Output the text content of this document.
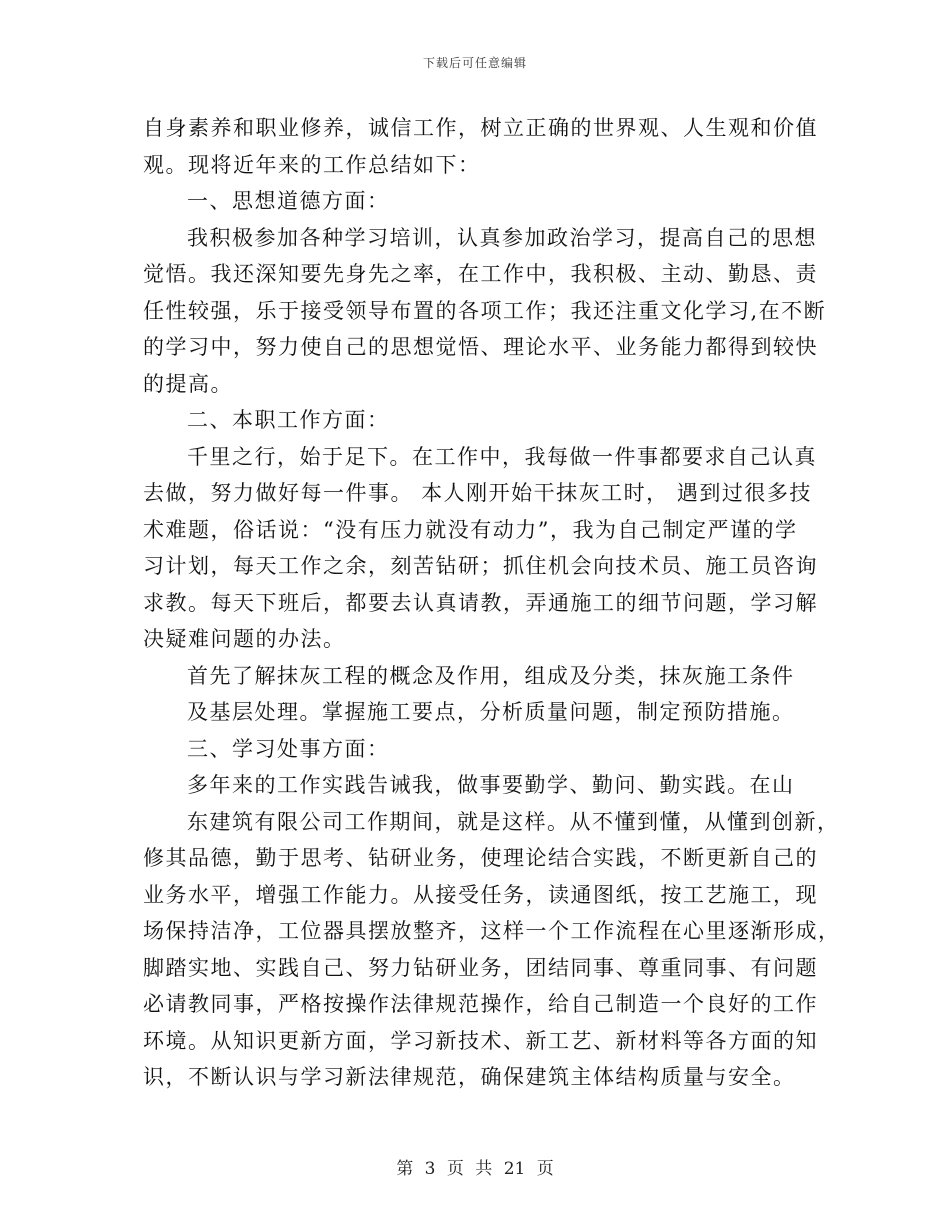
下载后可任意编辑
自身素养和职业修养，诚信工作，树立正确的世界观、人生观和价值
观。现将近年来的工作总结如下：
一、思想道德方面：
我积极参加各种学习培训，认真参加政治学习，提高自己的思想
觉悟。我还深知要先身先之率，在工作中，我积极、主动、勤恳、责
任性较强，乐于接受领导布置的各项工作；我还注重文化学习,在不断
的学习中，努力使自己的思想觉悟、理论水平、业务能力都得到较快
的提高。
二、本职工作方面：
千里之行，始于足下。在工作中，我每做一件事都要求自己认真
去做，努力做好每一件事。 本人刚开始干抹灰工时， 遇到过很多技
术难题，俗话说：“没有压力就没有动力”，我为自己制定严谨的学
习计划，每天工作之余，刻苦钻研；抓住机会向技术员、施工员咨询
求教。每天下班后，都要去认真请教，弄通施工的细节问题，学习解
决疑难问题的办法。
首先了解抹灰工程的概念及作用，组成及分类，抹灰施工条件
及基层处理。掌握施工要点，分析质量问题，制定预防措施。
三、学习处事方面：
多年来的工作实践告诫我，做事要勤学、勤问、勤实践。在山
东建筑有限公司工作期间，就是这样。从不懂到懂，从懂到创新，
修其品德，勤于思考、钻研业务，使理论结合实践，不断更新自己的
业务水平，增强工作能力。从接受任务，读通图纸，按工艺施工，现
场保持洁净，工位器具摆放整齐，这样一个工作流程在心里逐渐形成，
脚踏实地、实践自己、努力钻研业务，团结同事、尊重同事、有问题
必请教同事，严格按操作法律规范操作，给自己制造一个良好的工作
环境。从知识更新方面，学习新技术、新工艺、新材料等各方面的知
识，不断认识与学习新法律规范，确保建筑主体结构质量与安全。
第 3 页 共 21 页
